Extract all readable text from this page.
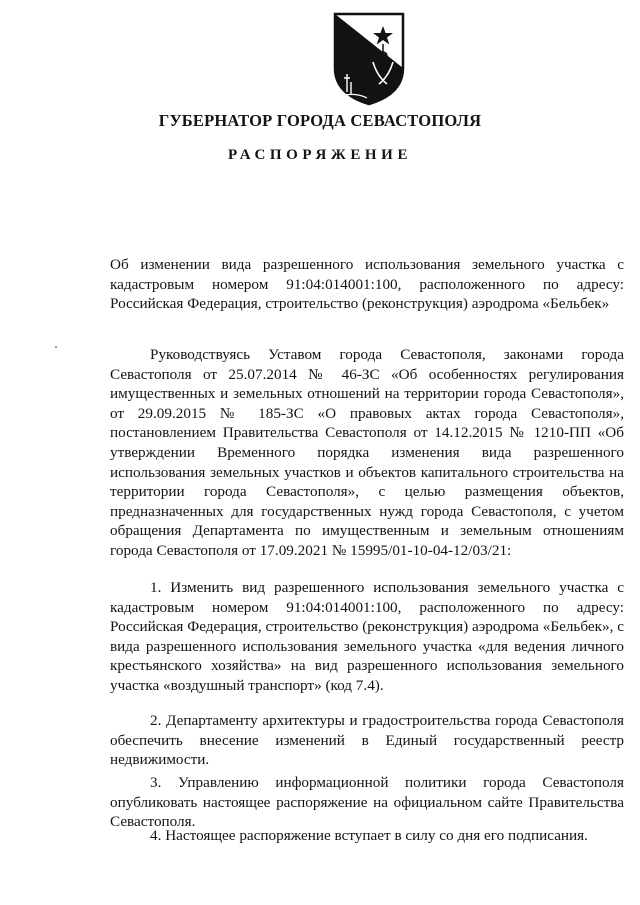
ГУБЕРНАТОР ГОРОДА СЕВАСТОПОЛЯ
РАСПОРЯЖЕНИЕ
Об изменении вида разрешенного использования земельного участка с кадастровым номером 91:04:014001:100, расположенного по адресу: Российская Федерация, строительство (реконструкция) аэродрома «Бельбек»
Руководствуясь Уставом города Севастополя, законами города Севастополя от 25.07.2014 № 46-ЗС «Об особенностях регулирования имущественных и земельных отношений на территории города Севастополя», от 29.09.2015 № 185-ЗС «О правовых актах города Севастополя», постановлением Правительства Севастополя от 14.12.2015 № 1210-ПП «Об утверждении Временного порядка изменения вида разрешенного использования земельных участков и объектов капитального строительства на территории города Севастополя», с целью размещения объектов, предназначенных для государственных нужд города Севастополя, с учетом обращения Департамента по имущественным и земельным отношениям города Севастополя от 17.09.2021 № 15995/01-10-04-12/03/21:
1. Изменить вид разрешенного использования земельного участка с кадастровым номером 91:04:014001:100, расположенного по адресу: Российская Федерация, строительство (реконструкция) аэродрома «Бельбек», с вида разрешенного использования земельного участка «для ведения личного крестьянского хозяйства» на вид разрешенного использования земельного участка «воздушный транспорт» (код 7.4).
2. Департаменту архитектуры и градостроительства города Севастополя обеспечить внесение изменений в Единый государственный реестр недвижимости.
3. Управлению информационной политики города Севастополя опубликовать настоящее распоряжение на официальном сайте Правительства Севастополя.
4. Настоящее распоряжение вступает в силу со дня его подписания.
